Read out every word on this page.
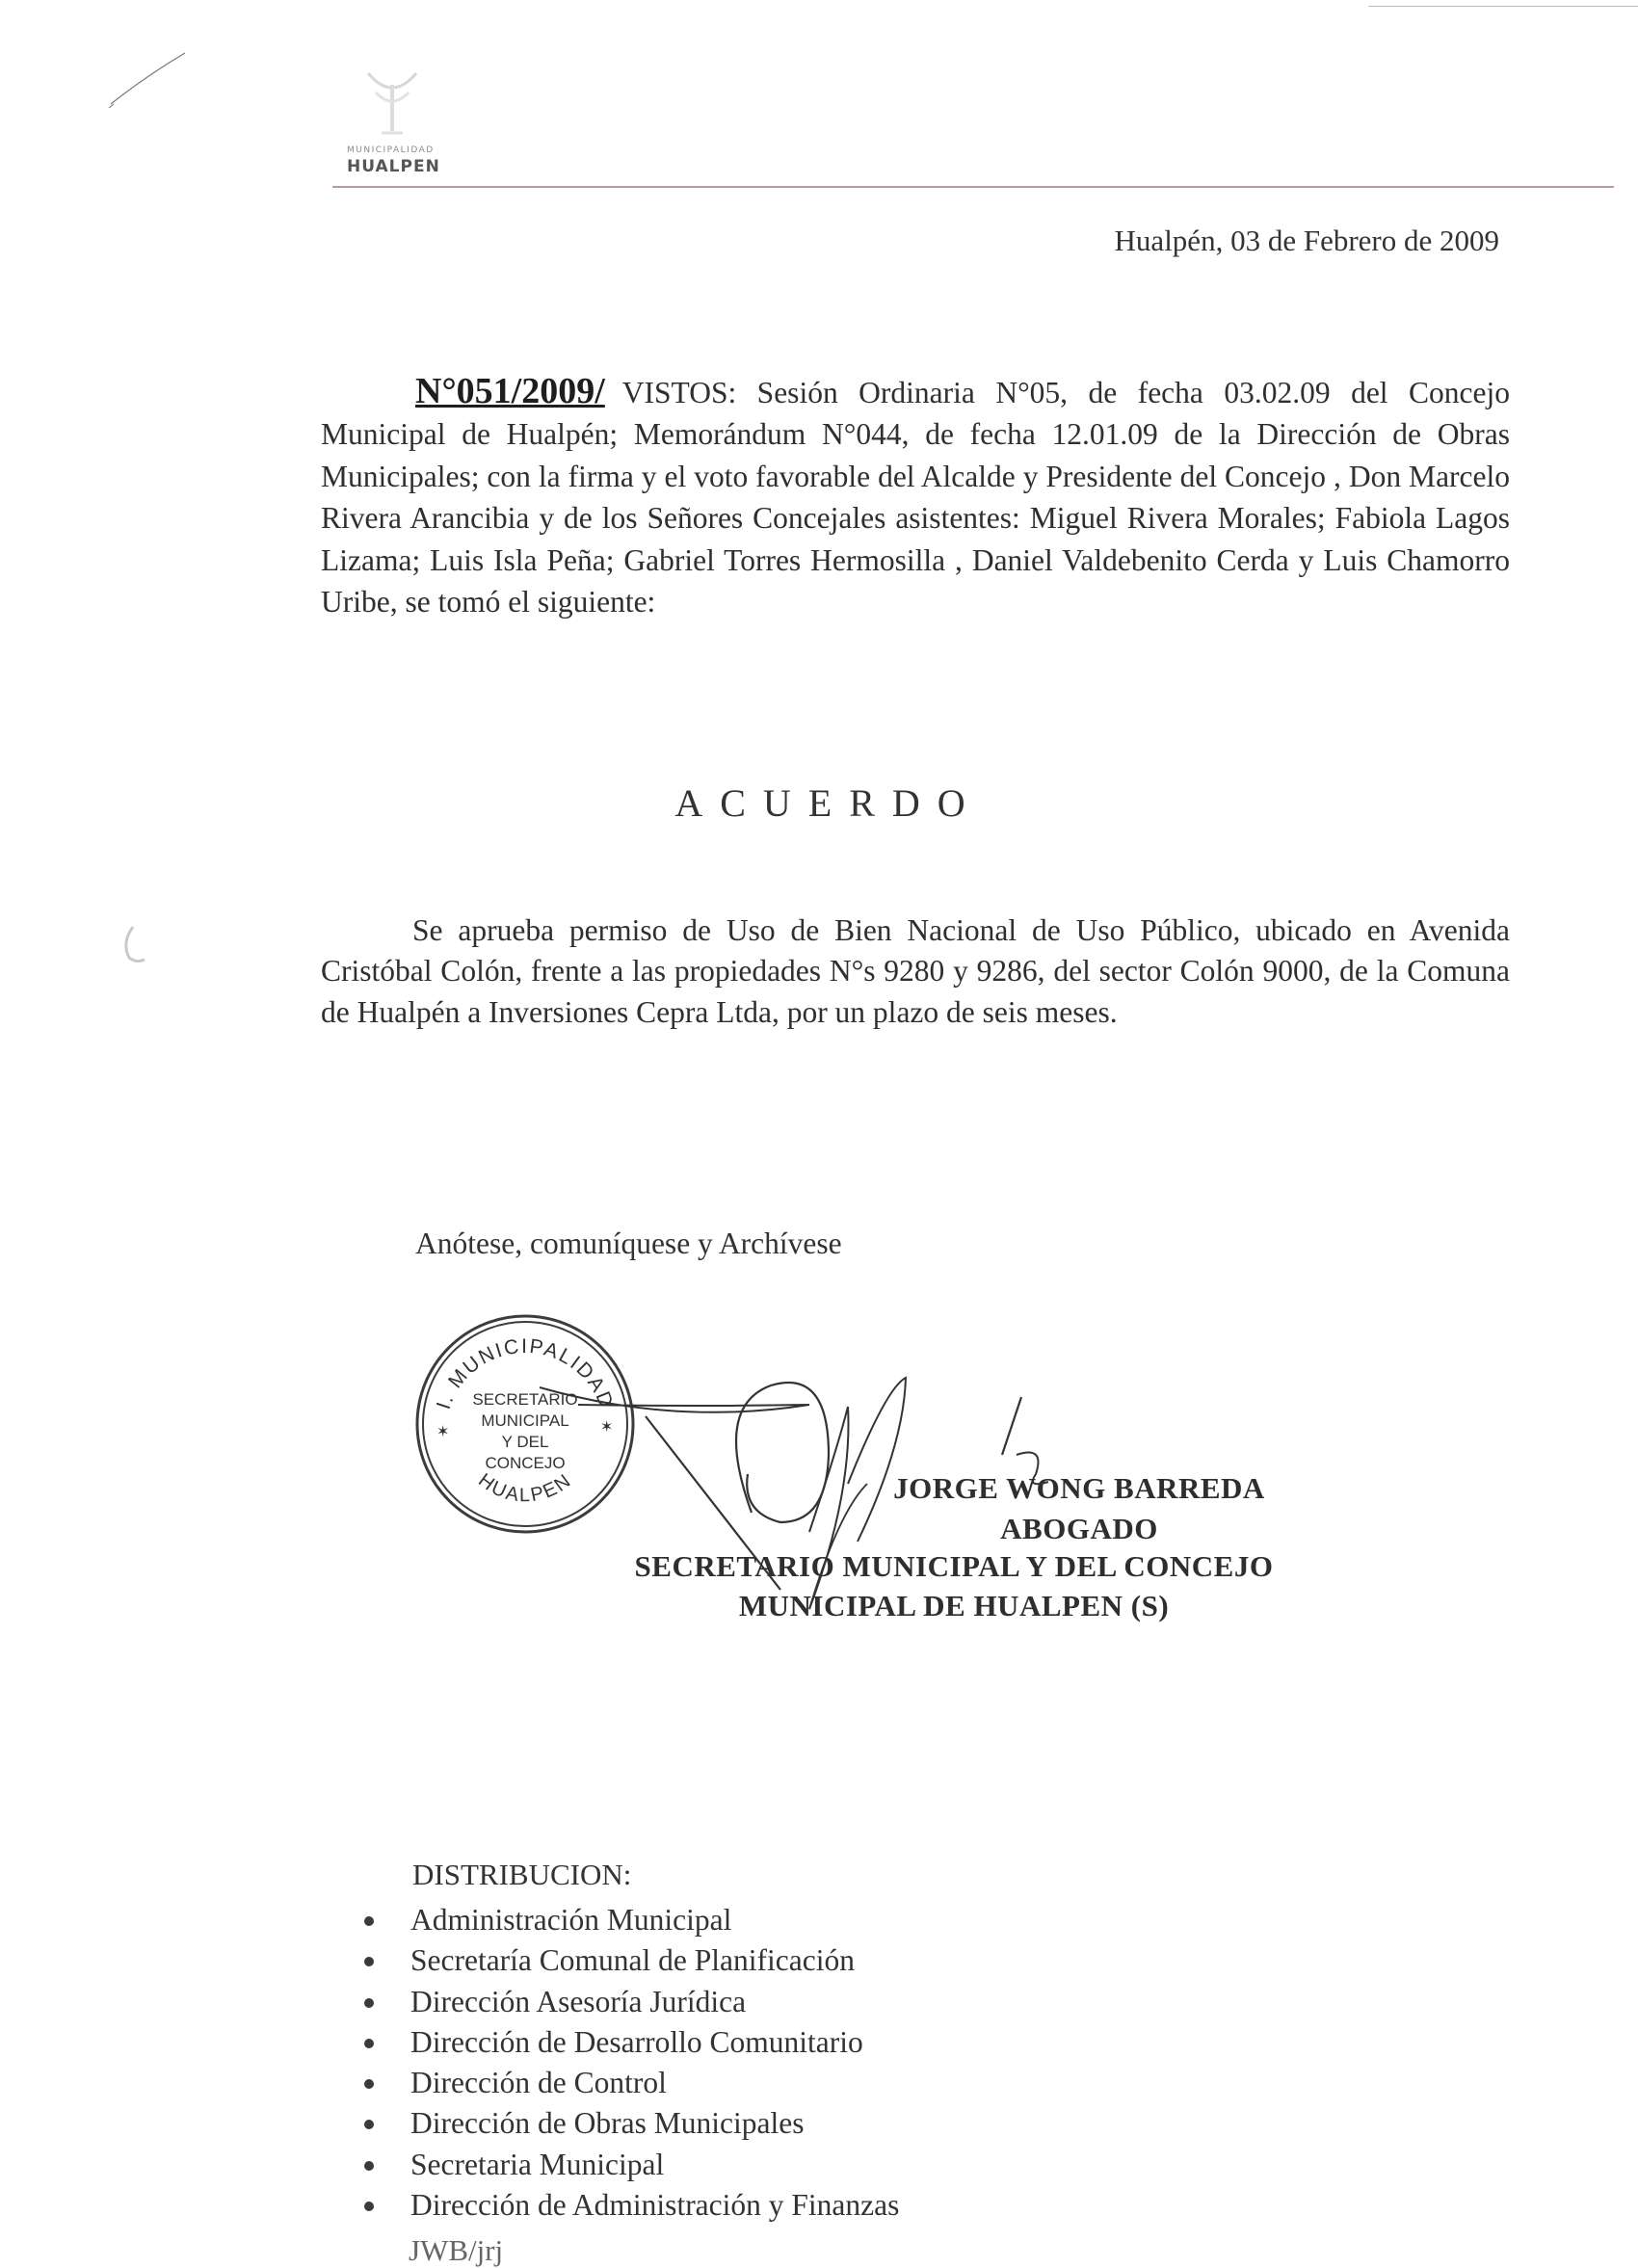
MUNICIPALIDAD
HUALPEN
Hualpén, 03 de Febrero de 2009
N°051/2009/ VISTOS: Sesión Ordinaria N°05, de fecha 03.02.09 del Concejo Municipal de Hualpén; Memorándum N°044, de fecha 12.01.09 de la Dirección de Obras Municipales; con la firma y el voto favorable del Alcalde y Presidente del Concejo , Don Marcelo Rivera Arancibia y de los Señores Concejales asistentes: Miguel Rivera Morales; Fabiola Lagos Lizama; Luis Isla Peña; Gabriel Torres Hermosilla , Daniel Valdebenito Cerda y Luis Chamorro Uribe, se tomó el siguiente:
ACUERDO
Se aprueba permiso de Uso de Bien Nacional de Uso Público, ubicado en Avenida Cristóbal Colón, frente a las propiedades N°s 9280 y 9286, del sector Colón 9000, de la Comuna de Hualpén a Inversiones Cepra Ltda, por un plazo de seis meses.
Anótese, comuníquese y Archívese
I. MUNICIPALIDAD
HUALPEN
SECRETARIO
MUNICIPAL
Y DEL
CONCEJO
✶	✶
JORGE WONG BARREDA
ABOGADO
SECRETARIO MUNICIPAL Y DEL CONCEJO
MUNICIPAL DE HUALPEN (S)
DISTRIBUCION:
Administración Municipal
Secretaría Comunal de Planificación
Dirección Asesoría Jurídica
Dirección de Desarrollo Comunitario
Dirección de Control
Dirección de Obras Municipales
Secretaria Municipal
Dirección de Administración y Finanzas
JWB/jrj
